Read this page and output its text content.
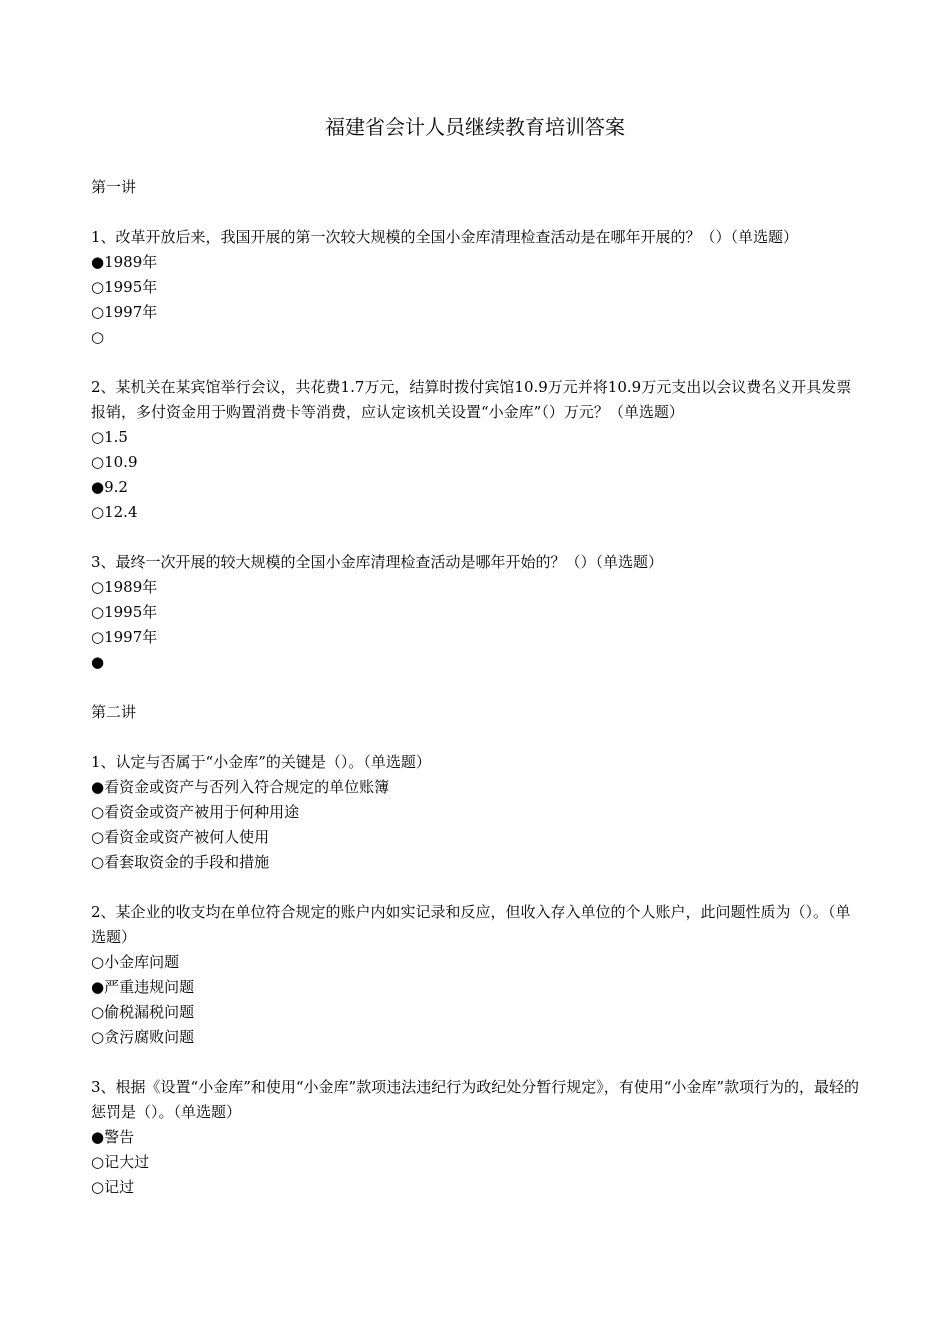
福建省会计人员继续教育培训答案
第一讲
1、改革开放后来，我国开展的第一次较大规模的全国小金库清理检查活动是在哪年开展的？（）（单选题）
●1989年
○1995年
○1997年
○
2、某机关在某宾馆举行会议，共花费1.7万元，结算时拨付宾馆10.9万元并将10.9万元支出以会议费名义开具发票报销，多付资金用于购置消费卡等消费，应认定该机关设置“小金库”（）万元？（单选题）
○1.5
○10.9
●9.2
○12.4
3、最终一次开展的较大规模的全国小金库清理检查活动是哪年开始的？（）（单选题）
○1989年
○1995年
○1997年
●
第二讲
1、认定与否属于“小金库”的关键是（）。（单选题）
●看资金或资产与否列入符合规定的单位账簿
○看资金或资产被用于何种用途
○看资金或资产被何人使用
○看套取资金的手段和措施
2、某企业的收支均在单位符合规定的账户内如实记录和反应，但收入存入单位的个人账户，此问题性质为（）。（单选题）
○小金库问题
●严重违规问题
○偷税漏税问题
○贪污腐败问题
3、根据《设置“小金库”和使用“小金库”款项违法违纪行为政纪处分暂行规定》，有使用“小金库”款项行为的，最轻的惩罚是（）。（单选题）
●警告
○记大过
○记过
